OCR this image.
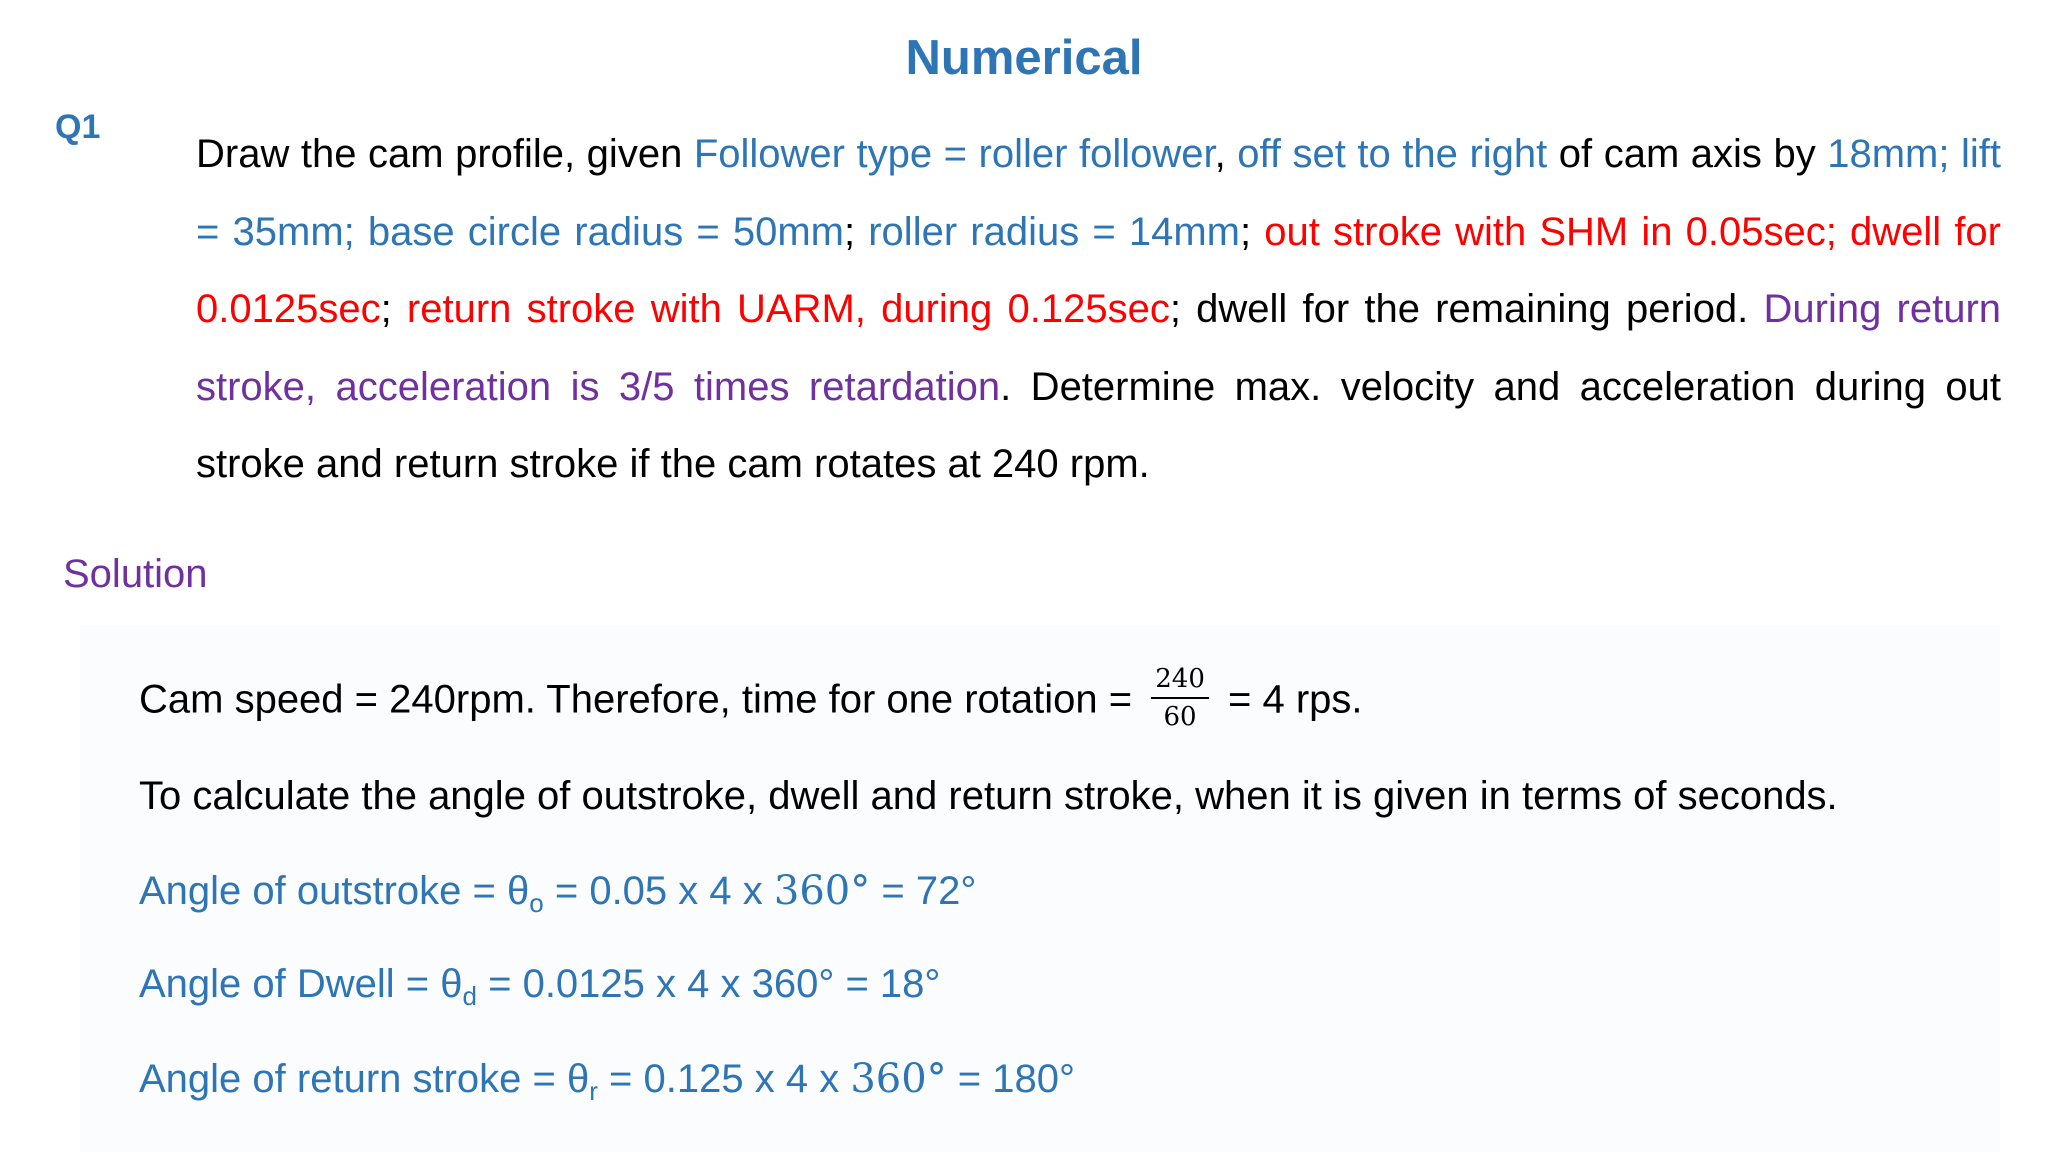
Numerical
Q1
Draw the cam profile, given Follower type = roller follower, off set to the right of cam axis by 18mm; lift = 35mm; base circle radius = 50mm; roller radius = 14mm; out stroke with SHM in 0.05sec; dwell for 0.0125sec; return stroke with UARM, during 0.125sec; dwell for the remaining period. During return stroke, acceleration is 3/5 times retardation. Determine max. velocity and acceleration during out stroke and return stroke if the cam rotates at 240 rpm.
Solution
Cam speed = 240rpm. Therefore, time for one rotation = $\frac{240}{60} = 4$ rps.
To calculate the angle of outstroke, dwell and return stroke, when it is given in terms of seconds.
Angle of outstroke = $\theta_o = 0.05$ x 4 x 360° = 72°
Angle of Dwell = $\theta_d = 0.0125$ x 4 x 360° = 18°
Angle of return stroke = $\theta_r = 0.125$ x 4 x 360° = 180°
